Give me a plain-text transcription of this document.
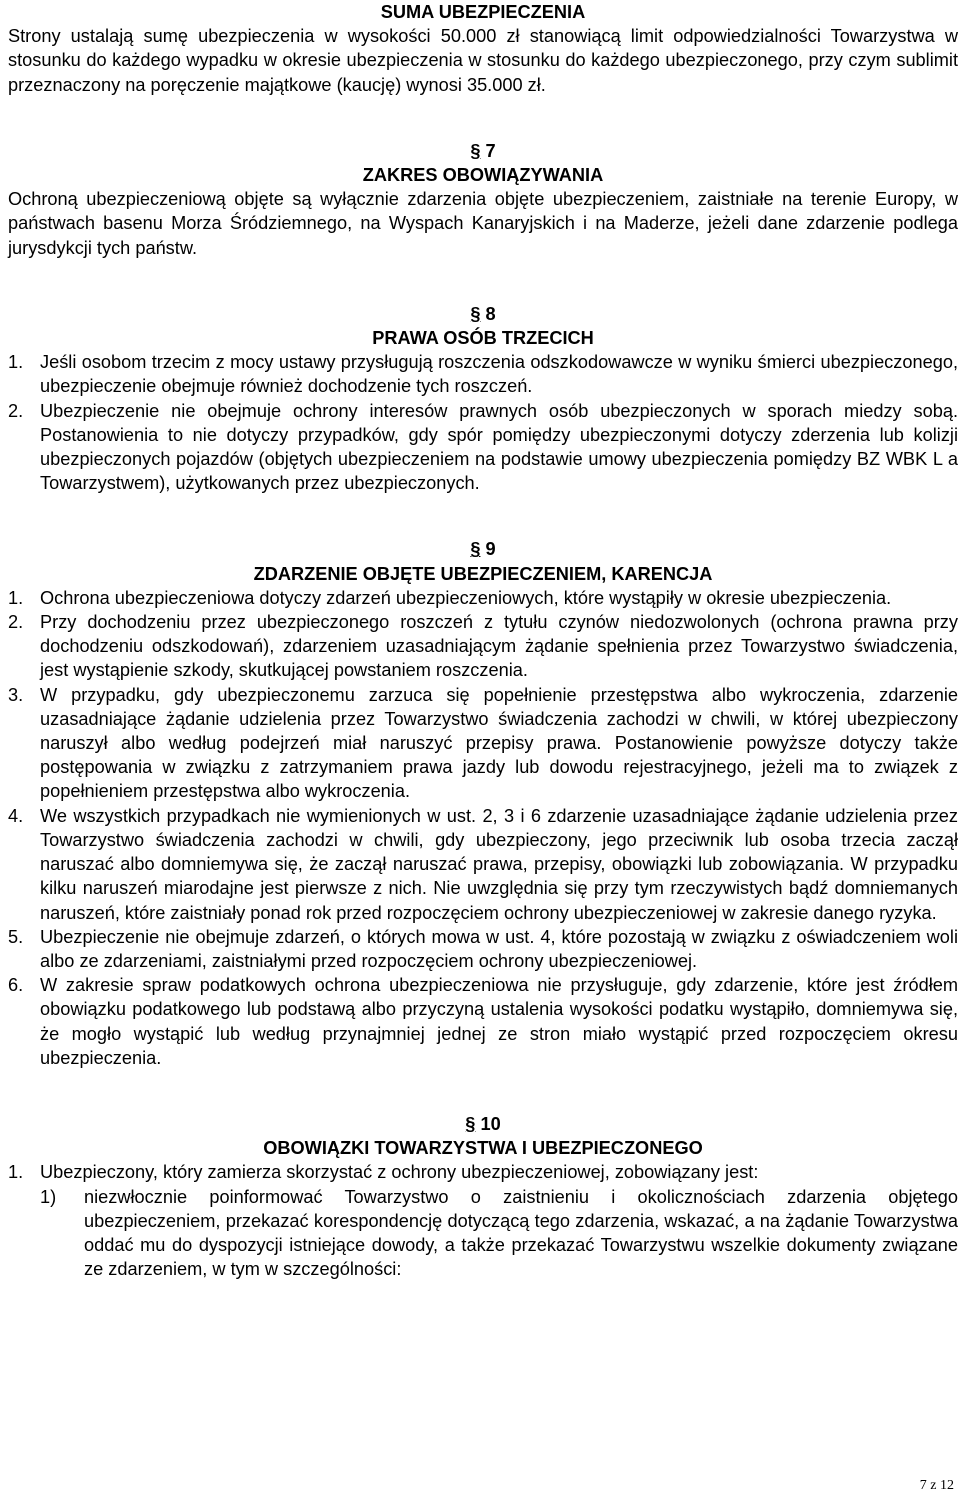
SUMA UBEZPIECZENIA

Strony ustalają sumę ubezpieczenia w wysokości 50.000 zł stanowiącą limit odpowiedzialności Towarzystwa w stosunku do każdego wypadku w okresie ubezpieczenia w stosunku do każdego ubezpieczonego, przy czym sublimit przeznaczony na poręczenie majątkowe (kaucję) wynosi 35.000 zł.

§ 7

ZAKRES OBOWIĄZYWANIA

Ochroną ubezpieczeniową objęte są wyłącznie zdarzenia objęte ubezpieczeniem, zaistniałe na terenie Europy, w państwach basenu Morza Śródziemnego, na Wyspach Kanaryjskich i na Maderze, jeżeli dane zdarzenie podlega jurysdykcji tych państw.

§ 8

PRAWA OSÓB TRZECICH

1. Jeśli osobom trzecim z mocy ustawy przysługują roszczenia odszkodowawcze w wyniku śmierci ubezpieczonego, ubezpieczenie obejmuje również dochodzenie tych roszczeń.
2. Ubezpieczenie nie obejmuje ochrony interesów prawnych osób ubezpieczonych w sporach miedzy sobą. Postanowienia to nie dotyczy przypadków, gdy spór pomiędzy ubezpieczonymi dotyczy zderzenia lub kolizji ubezpieczonych pojazdów (objętych ubezpieczeniem na podstawie umowy ubezpieczenia pomiędzy BZ WBK L a Towarzystwem), użytkowanych przez ubezpieczonych.

§ 9

ZDARZENIE OBJĘTE UBEZPIECZENIEM, KARENCJA

1. Ochrona ubezpieczeniowa dotyczy zdarzeń ubezpieczeniowych, które wystąpiły w okresie ubezpieczenia.
2. Przy dochodzeniu przez ubezpieczonego roszczeń z tytułu czynów niedozwolonych (ochrona prawna przy dochodzeniu odszkodowań), zdarzeniem uzasadniającym żądanie spełnienia przez Towarzystwo świadczenia, jest wystąpienie szkody, skutkującej powstaniem roszczenia.
3. W przypadku, gdy ubezpieczonemu zarzuca się popełnienie przestępstwa albo wykroczenia, zdarzenie uzasadniające żądanie udzielenia przez Towarzystwo świadczenia zachodzi w chwili, w której ubezpieczony naruszył albo według podejrzeń miał naruszyć przepisy prawa. Postanowienie powyższe dotyczy także postępowania w związku z zatrzymaniem prawa jazdy lub dowodu rejestracyjnego, jeżeli ma to związek z popełnieniem przestępstwa albo wykroczenia.
4. We wszystkich przypadkach nie wymienionych w ust. 2, 3 i 6 zdarzenie uzasadniające żądanie udzielenia przez Towarzystwo świadczenia zachodzi w chwili, gdy ubezpieczony, jego przeciwnik lub osoba trzecia zaczął naruszać albo domniemywa się, że zaczął naruszać prawa, przepisy, obowiązki lub zobowiązania. W przypadku kilku naruszeń miarodajne jest pierwsze z nich. Nie uwzględnia się przy tym rzeczywistych bądź domniemanych naruszeń, które zaistniały ponad rok przed rozpoczęciem ochrony ubezpieczeniowej w zakresie danego ryzyka.
5. Ubezpieczenie nie obejmuje zdarzeń, o których mowa w ust. 4, które pozostają w związku z oświadczeniem woli albo ze zdarzeniami, zaistniałymi przed rozpoczęciem ochrony ubezpieczeniowej.
6. W zakresie spraw podatkowych ochrona ubezpieczeniowa nie przysługuje, gdy zdarzenie, które jest źródłem obowiązku podatkowego lub podstawą albo przyczyną ustalenia wysokości podatku wystąpiło, domniemywa się, że mogło wystąpić lub według przynajmniej jednej ze stron miało wystąpić przed rozpoczęciem okresu ubezpieczenia.

§ 10

OBOWIĄZKI TOWARZYSTWA I UBEZPIECZONEGO

1. Ubezpieczony, który zamierza skorzystać z ochrony ubezpieczeniowej, zobowiązany jest:
1)	niezwłocznie poinformować Towarzystwo o zaistnieniu i okolicznościach zdarzenia objętego ubezpieczeniem, przekazać korespondencję dotyczącą tego zdarzenia, wskazać, a na żądanie Towarzystwa oddać mu do dyspozycji istniejące dowody, a także przekazać Towarzystwu wszelkie dokumenty związane ze zdarzeniem, w tym w szczególności:
7 z 12
